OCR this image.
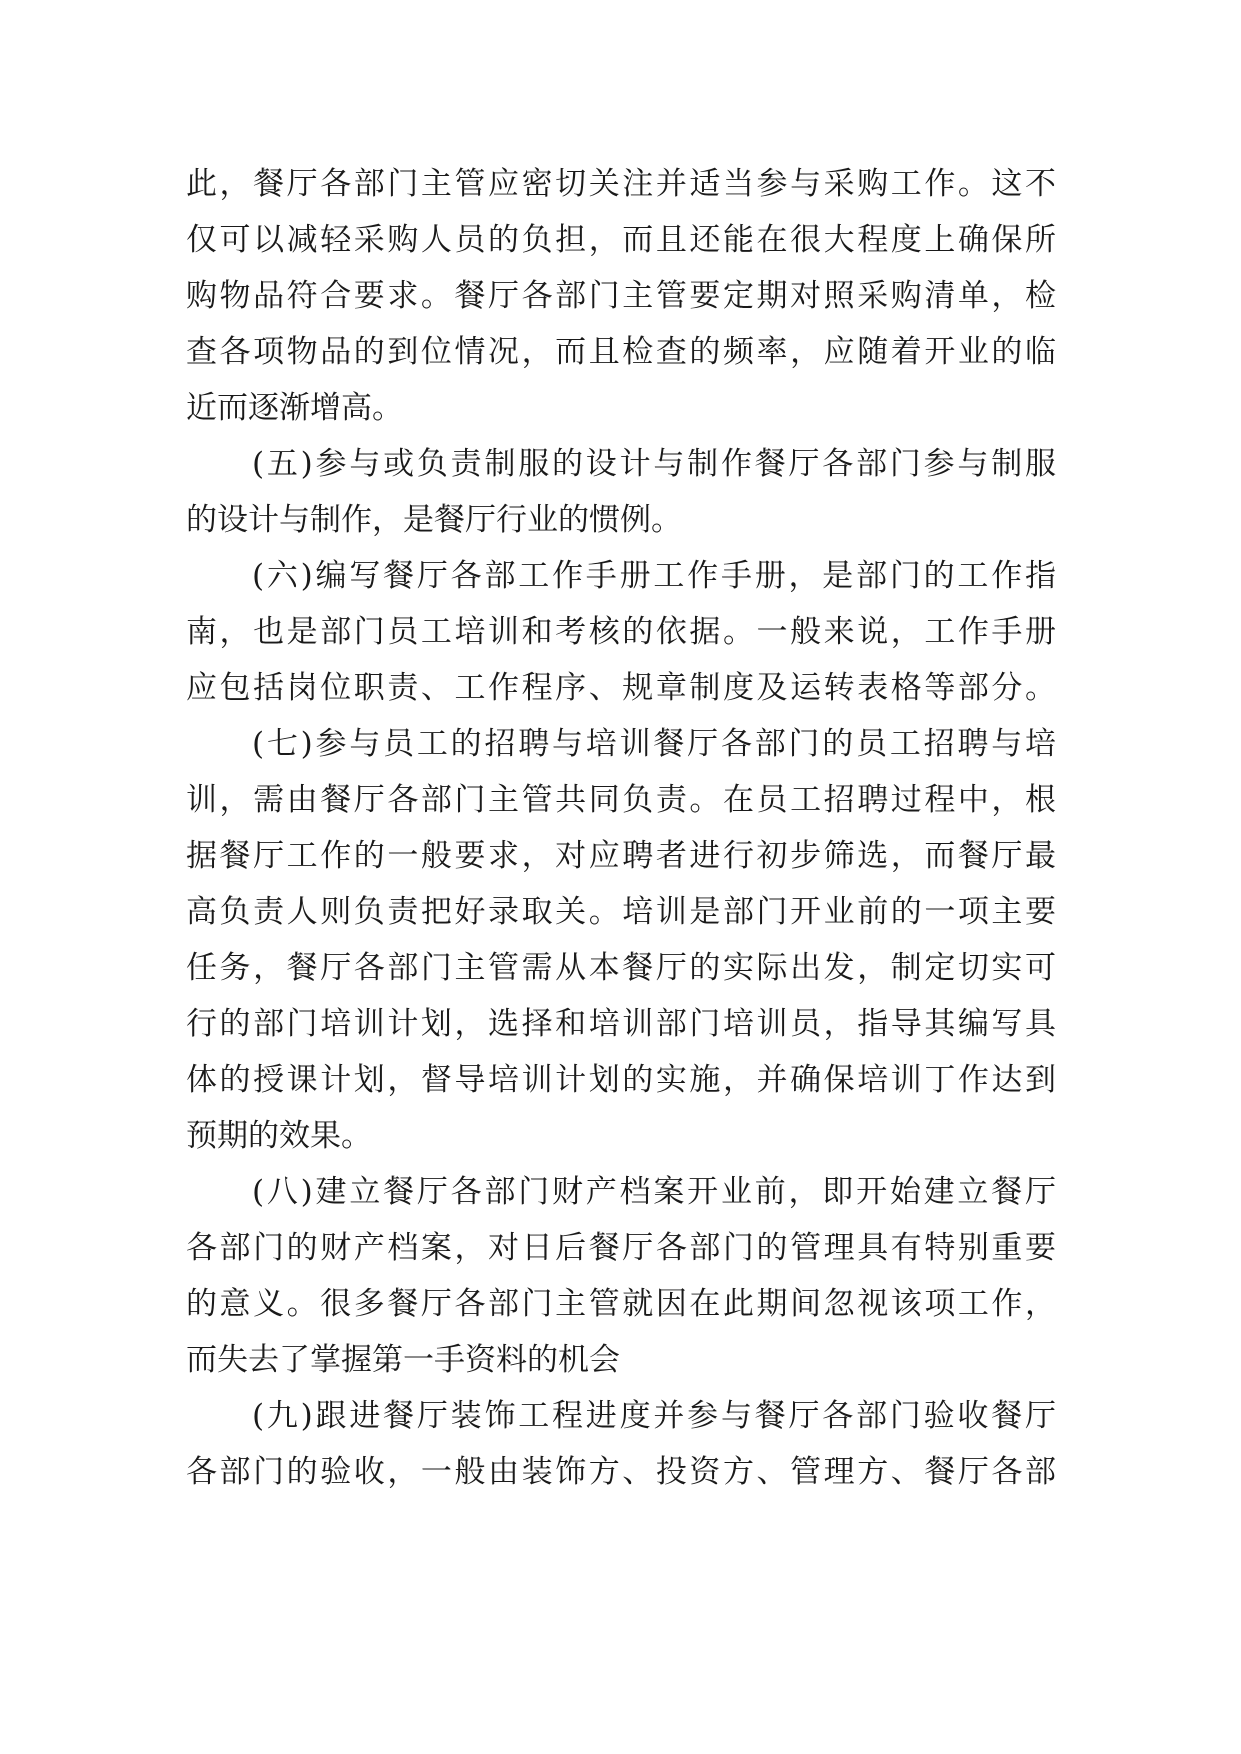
此，餐厅各部门主管应密切关注并适当参与采购工作。这不
仅可以减轻采购人员的负担，而且还能在很大程度上确保所
购物品符合要求。餐厅各部门主管要定期对照采购清单，检
查各项物品的到位情况，而且检查的频率，应随着开业的临
近而逐渐增高。
(五)参与或负责制服的设计与制作餐厅各部门参与制服
的设计与制作，是餐厅行业的惯例。
(六)编写餐厅各部工作手册工作手册，是部门的工作指
南，也是部门员工培训和考核的依据。一般来说，工作手册
应包括岗位职责、工作程序、规章制度及运转表格等部分。
(七)参与员工的招聘与培训餐厅各部门的员工招聘与培
训，需由餐厅各部门主管共同负责。在员工招聘过程中，根
据餐厅工作的一般要求，对应聘者进行初步筛选，而餐厅最
高负责人则负责把好录取关。培训是部门开业前的一项主要
任务，餐厅各部门主管需从本餐厅的实际出发，制定切实可
行的部门培训计划，选择和培训部门培训员，指导其编写具
体的授课计划，督导培训计划的实施，并确保培训丁作达到
预期的效果。
(八)建立餐厅各部门财产档案开业前，即开始建立餐厅
各部门的财产档案，对日后餐厅各部门的管理具有特别重要
的意义。很多餐厅各部门主管就因在此期间忽视该项工作，
而失去了掌握第一手资料的机会
(九)跟进餐厅装饰工程进度并参与餐厅各部门验收餐厅
各部门的验收，一般由装饰方、投资方、管理方、餐厅各部
